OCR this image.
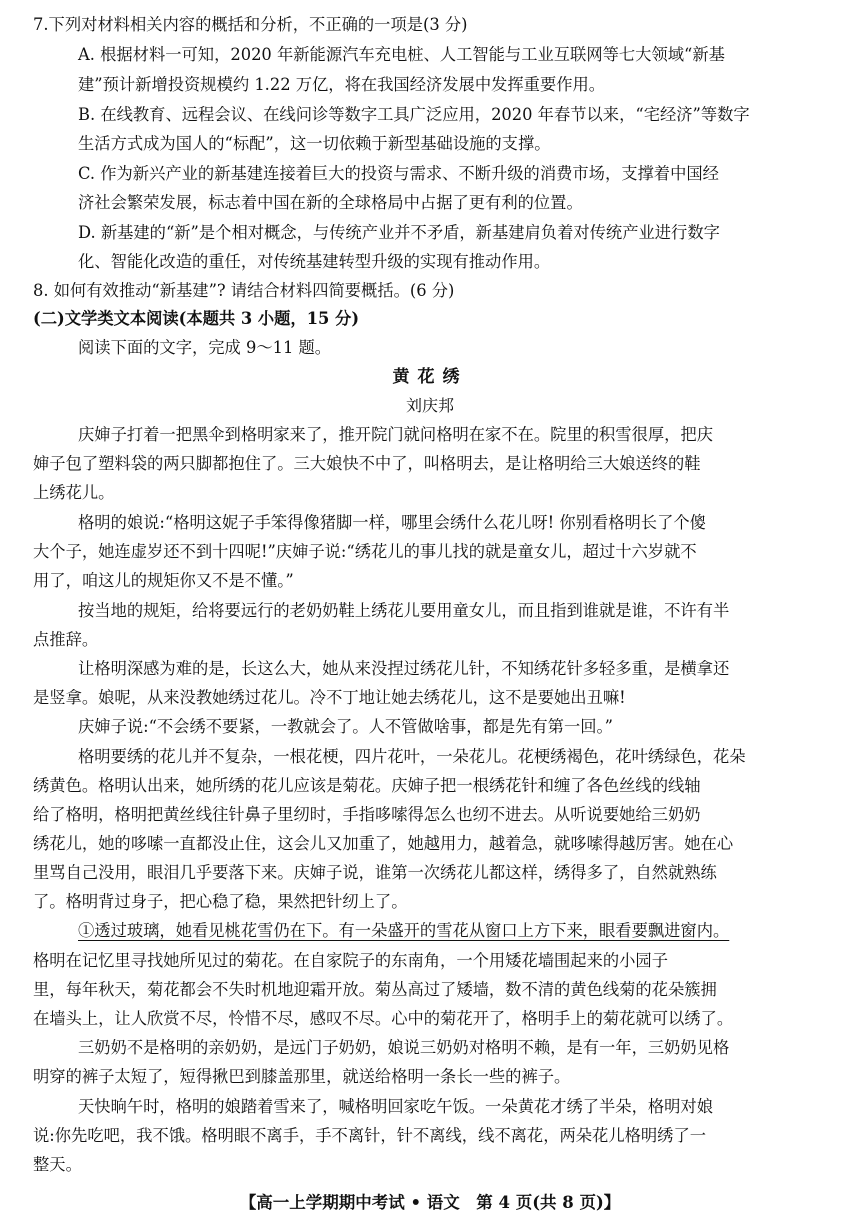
7.下列对材料相关内容的概括和分析，不正确的一项是(3 分)
A. 根据材料一可知，2020 年新能源汽车充电桩、人工智能与工业互联网等七大领域“新基
建”预计新增投资规模约 1.22 万亿，将在我国经济发展中发挥重要作用。
B. 在线教育、远程会议、在线问诊等数字工具广泛应用，2020 年春节以来，“宅经济”等数字
生活方式成为国人的“标配”，这一切依赖于新型基础设施的支撑。
C. 作为新兴产业的新基建连接着巨大的投资与需求、不断升级的消费市场，支撑着中国经
济社会繁荣发展，标志着中国在新的全球格局中占据了更有利的位置。
D. 新基建的“新”是个相对概念，与传统产业并不矛盾，新基建肩负着对传统产业进行数字
化、智能化改造的重任，对传统基建转型升级的实现有推动作用。
8. 如何有效推动“新基建”? 请结合材料四简要概括。(6 分)
(二)文学类文本阅读(本题共 3 小题，15 分)
阅读下面的文字，完成 9～11 题。
黄花绣
刘庆邦
庆婶子打着一把黑伞到格明家来了，推开院门就问格明在家不在。院里的积雪很厚，把庆
婶子包了塑料袋的两只脚都抱住了。三大娘快不中了，叫格明去，是让格明给三大娘送终的鞋
上绣花儿。
格明的娘说:“格明这妮子手笨得像猪脚一样，哪里会绣什么花儿呀! 你别看格明长了个傻
大个子，她连虚岁还不到十四呢!”庆婶子说:“绣花儿的事儿找的就是童女儿，超过十六岁就不
用了，咱这儿的规矩你又不是不懂。”
按当地的规矩，给将要远行的老奶奶鞋上绣花儿要用童女儿，而且指到谁就是谁，不许有半
点推辞。
让格明深感为难的是，长这么大，她从来没捏过绣花儿针，不知绣花针多轻多重，是横拿还
是竖拿。娘呢，从来没教她绣过花儿。冷不丁地让她去绣花儿，这不是要她出丑嘛!
庆婶子说:“不会绣不要紧，一教就会了。人不管做啥事，都是先有第一回。”
格明要绣的花儿并不复杂，一根花梗，四片花叶，一朵花儿。花梗绣褐色，花叶绣绿色，花朵
绣黄色。格明认出来，她所绣的花儿应该是菊花。庆婶子把一根绣花针和缠了各色丝线的线轴
给了格明，格明把黄丝线往针鼻子里纫时，手指哆嗦得怎么也纫不进去。从听说要她给三奶奶
绣花儿，她的哆嗦一直都没止住，这会儿又加重了，她越用力，越着急，就哆嗦得越厉害。她在心
里骂自己没用，眼泪几乎要落下来。庆婶子说，谁第一次绣花儿都这样，绣得多了，自然就熟练
了。格明背过身子，把心稳了稳，果然把针纫上了。
①透过玻璃，她看见桃花雪仍在下。有一朵盛开的雪花从窗口上方下来，眼看要飘进窗内。
格明在记忆里寻找她所见过的菊花。在自家院子的东南角，一个用矮花墙围起来的小园子
里，每年秋天，菊花都会不失时机地迎霜开放。菊丛高过了矮墙，数不清的黄色线菊的花朵簇拥
在墙头上，让人欣赏不尽，怜惜不尽，感叹不尽。心中的菊花开了，格明手上的菊花就可以绣了。
三奶奶不是格明的亲奶奶，是远门子奶奶，娘说三奶奶对格明不赖，是有一年，三奶奶见格
明穿的裤子太短了，短得揪巴到膝盖那里，就送给格明一条长一些的裤子。
天快晌午时，格明的娘踏着雪来了，喊格明回家吃午饭。一朵黄花才绣了半朵，格明对娘
说:你先吃吧，我不饿。格明眼不离手，手不离针，针不离线，线不离花，两朵花儿格明绣了一
整天。
【高一上学期期中考试 • 语文　第 4 页(共 8 页)】
